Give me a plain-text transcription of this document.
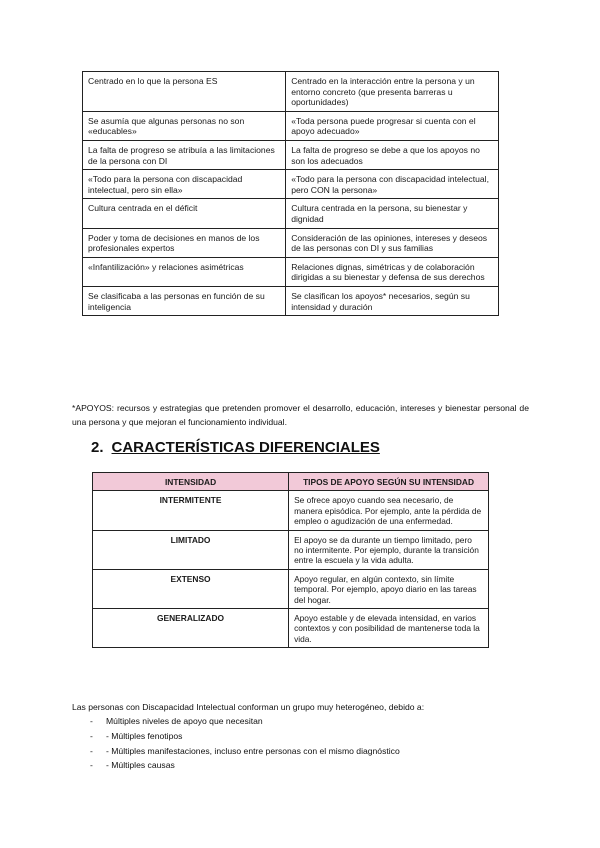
Centrado en lo que la persona ES	Centrado en la interacción entre la persona y un entorno concreto (que presenta barreras u oportunidades)
Se asumía que algunas personas no son «educables»	«Toda persona puede progresar si cuenta con el apoyo adecuado»
La falta de progreso se atribuía a las limitaciones de la persona con DI	La falta de progreso se debe a que los apoyos no son los adecuados
«Todo para la persona con discapacidad intelectual, pero sin ella»	«Todo para la persona con discapacidad intelectual, pero CON la persona»
Cultura centrada en el déficit	Cultura centrada en la persona, su bienestar y dignidad
Poder y toma de decisiones en manos de los profesionales expertos	Consideración de las opiniones, intereses y deseos de las personas con DI y sus familias
«Infantilización» y relaciones asimétricas	Relaciones dignas, simétricas y de colaboración dirigidas a su bienestar y defensa de sus derechos
Se clasificaba a las personas en función de su inteligencia	Se clasifican los apoyos* necesarios, según su intensidad y duración
*APOYOS: recursos y estrategias que pretenden promover el desarrollo, educación, intereses y bienestar personal de una persona y que mejoran el funcionamiento individual.
2. CARACTERÍSTICAS DIFERENCIALES
INTENSIDAD	TIPOS DE APOYO SEGÚN SU INTENSIDAD
INTERMITENTE	Se ofrece apoyo cuando sea necesario, de manera episódica. Por ejemplo, ante la pérdida de empleo o agudización de una enfermedad.
LIMITADO	El apoyo se da durante un tiempo limitado, pero no intermitente. Por ejemplo, durante la transición entre la escuela y la vida adulta.
EXTENSO	Apoyo regular, en algún contexto, sin límite temporal. Por ejemplo, apoyo diario en las tareas del hogar.
GENERALIZADO	Apoyo estable y de elevada intensidad, en varios contextos y con posibilidad de mantenerse toda la vida.
Las personas con Discapacidad Intelectual conforman un grupo muy heterogéneo, debido a:
- Múltiples niveles de apoyo que necesitan
- - Múltiples fenotipos
- - Múltiples manifestaciones, incluso entre personas con el mismo diagnóstico
- - Múltiples causas
